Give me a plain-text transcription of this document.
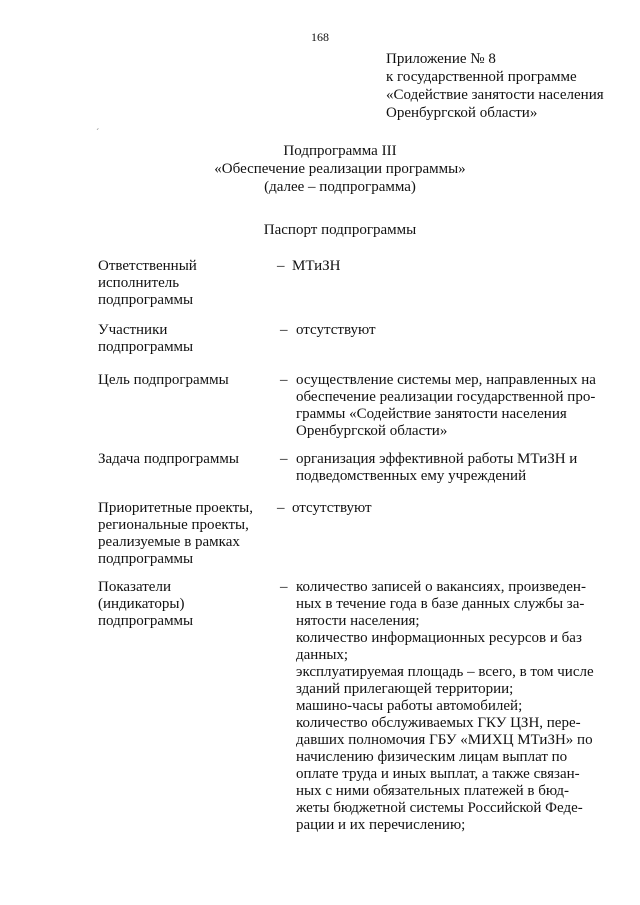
168
Приложение № 8
к государственной программе
«Содействие занятости населения
Оренбургской области»
´
Подпрограмма III
«Обеспечение реализации программы»
(далее – подпрограмма)
Паспорт подпрограммы
Ответственный
исполнитель
подпрограммы
– МТиЗН
Участники
подпрограммы
– отсутствуют
Цель подпрограммы	– осуществление системы мер, направленных на
обеспечение реализации государственной про-
граммы «Содействие занятости населения
Оренбургской области»
Задача подпрограммы	– организация эффективной работы МТиЗН и
подведомственных ему учреждений
Приоритетные проекты,
региональные проекты,
реализуемые в рамках
подпрограммы
– отсутствуют
Показатели
(индикаторы)
подпрограммы
– количество записей о вакансиях, произведен-
ных в течение года в базе данных службы за-
нятости населения;
количество информационных ресурсов и баз
данных;
эксплуатируемая площадь – всего, в том числе
зданий прилегающей территории;
машино-часы работы автомобилей;
количество обслуживаемых ГКУ ЦЗН, пере-
давших полномочия ГБУ «МИХЦ МТиЗН» по
начислению физическим лицам выплат по
оплате труда и иных выплат, а также связан-
ных с ними обязательных платежей в бюд-
жеты бюджетной системы Российской Феде-
рации и их перечислению;
